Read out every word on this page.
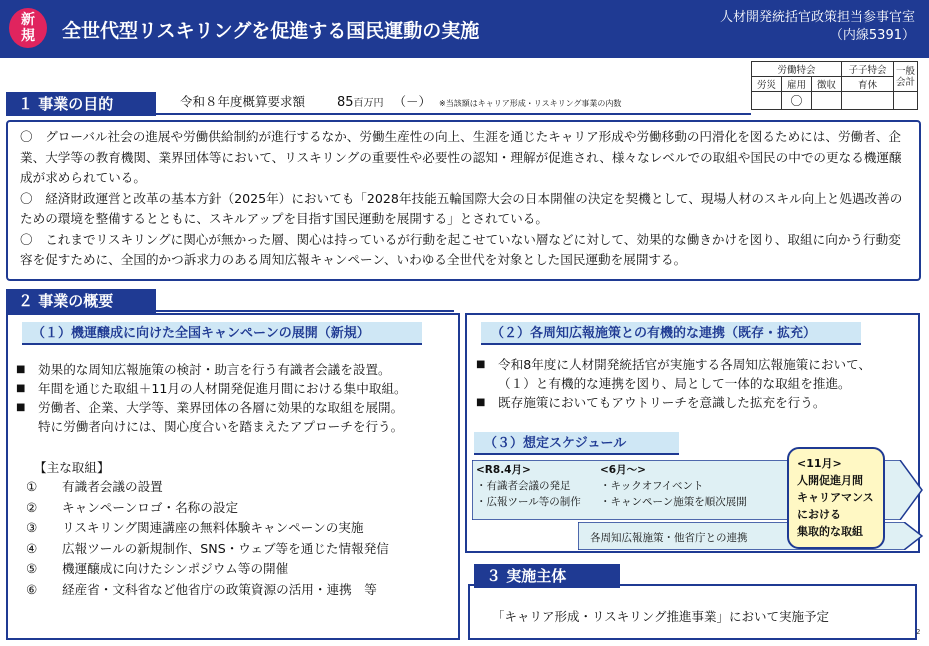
新規 全世代型リスキリングを促進する国民運動の実施
人材開発統括官政策担当参事官室
（内線5391）
労働特会			子子特会	一般会計
労災	雇用	徴収	育休	
	〇			
１ 事業の目的	令和８年度概算要求額 85百万円 （－） ※当該額はキャリア形成・リスキリング事業の内数

〇　グローバル社会の進展や労働供給制約が進行するなか、労働生産性の向上、生涯を通じたキャリア形成や労働移動の円滑化を図るためには、労働者、企業、大学等の教育機関、業界団体等において、リスキリングの重要性や必要性の認知・理解が促進され、様々なレベルでの取組や国民の中での更なる機運醸成が求められている。

〇　経済財政運営と改革の基本方針（2025年）においても「2028年技能五輪国際大会の日本開催の決定を契機として、現場人材のスキル向上と処遇改善のための環境を整備するとともに、スキルアップを目指す国民運動を展開する」とされている。

〇　これまでリスキリングに関心が無かった層、関心は持っているが行動を起こせていない層などに対して、効果的な働きかけを図り、取組に向かう行動変容を促すために、全国的かつ訴求力のある周知広報キャンペーン、いわゆる全世代を対象とした国民運動を展開する。

２ 事業の概要
（１）機運醸成に向けた全国キャンペーンの展開（新規）
■ 効果的な周知広報施策の検討・助言を行う有識者会議を設置。
■ 年間を通じた取組＋11月の人材開発促進月間における集中取組。
■ 労働者、企業、大学等、業界団体の各層に効果的な取組を展開。
特に労働者向けには、関心度合いを踏まえたアプローチを行う。
【主な取組】
①	有識者会議の設置
②	キャンペーンロゴ・名称の設定
③	リスキリング関連講座の無料体験キャンペーンの実施
④	広報ツールの新規制作、SNS・ウェブ等を通じた情報発信
⑤	機運醸成に向けたシンポジウム等の開催
⑥	経産省・文科省など他省庁の政策資源の活用・連携　等
（２）各周知広報施策との有機的な連携（既存・拡充）
■ 令和8年度に人材開発統括官が実施する各周知広報施策において、
（１）と有機的な連携を図り、局として一体的な取組を推進。
■ 既存施策においてもアウトリーチを意識した拡充を行う。
（３）想定スケジュール
<R8.4月>
・有識者会議の発足
・広報ツール等の制作
<6月～>
・キックオフイベント
・キャンペーン施策を順次展開
各周知広報施策・他省庁との連携
<11月>
人開促進月間
キャリアマンス
における
集取的な取組
３ 実施主体
「キャリア形成・リスキリング推進事業」において実施予定
2
